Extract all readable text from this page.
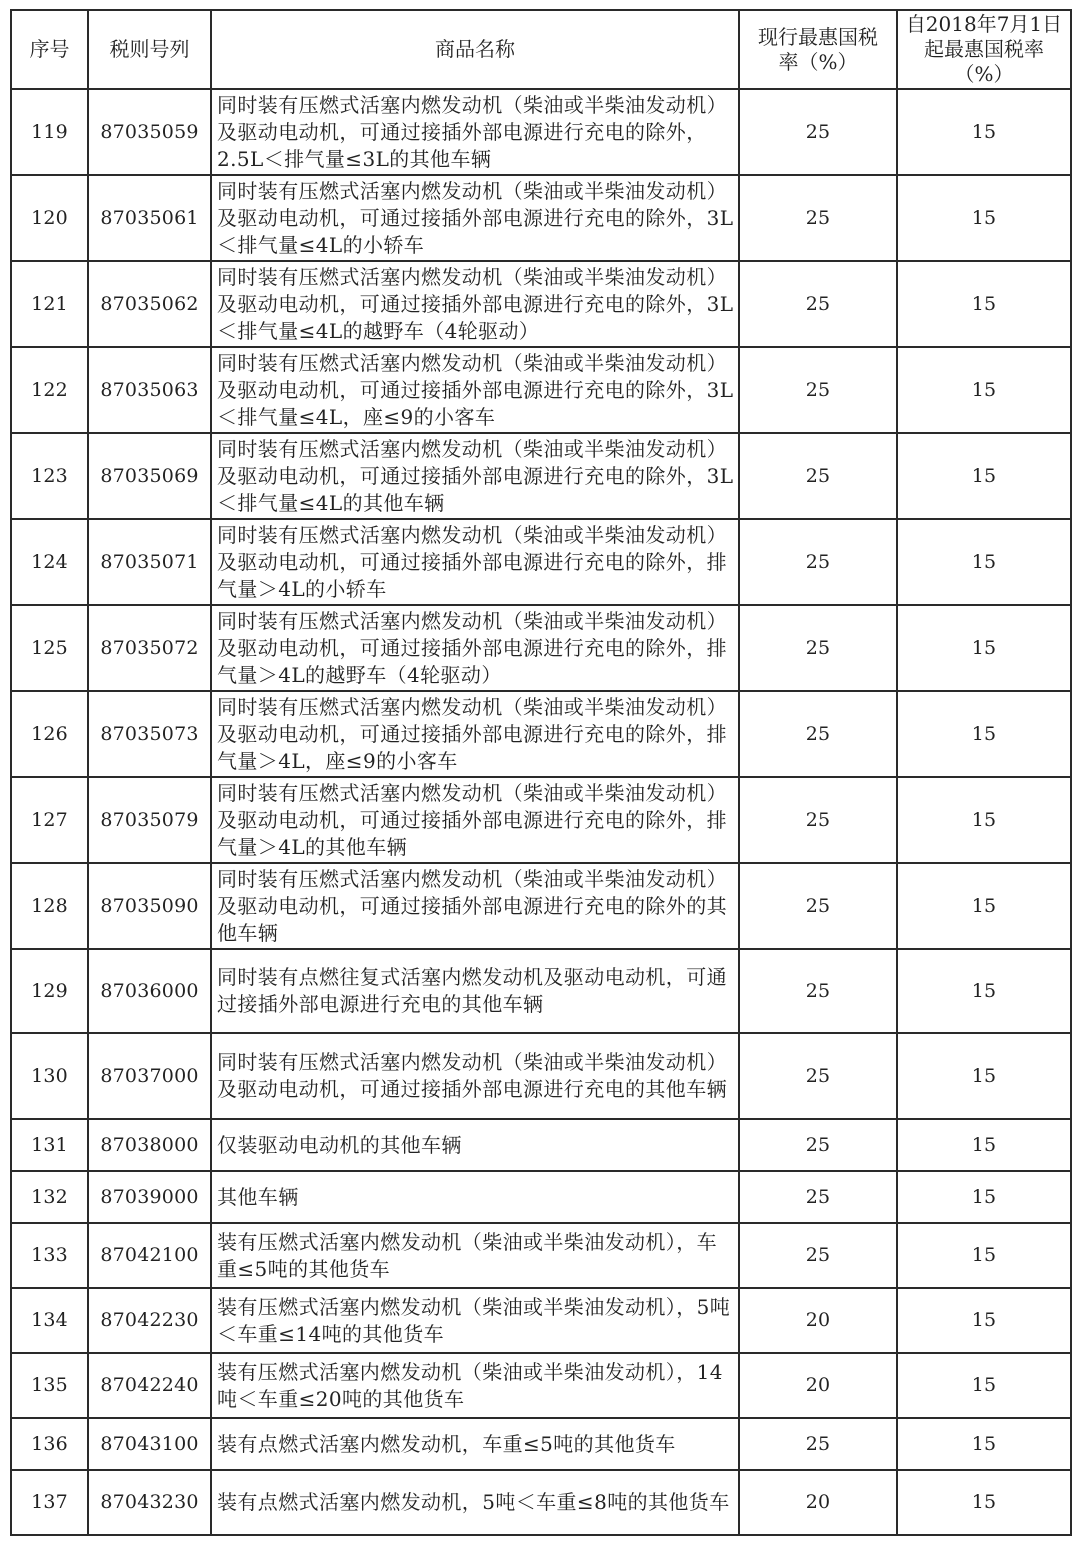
序号	税则号列	商品名称	现行最惠国税率（%）	自2018年7月1日起最惠国税率（%）
119	87035059	同时装有压燃式活塞内燃发动机（柴油或半柴油发动机）及驱动电动机，可通过接插外部电源进行充电的除外，2.5L＜排气量≤3L的其他车辆	25	15
120	87035061	同时装有压燃式活塞内燃发动机（柴油或半柴油发动机）及驱动电动机，可通过接插外部电源进行充电的除外，3L＜排气量≤4L的小轿车	25	15
121	87035062	同时装有压燃式活塞内燃发动机（柴油或半柴油发动机）及驱动电动机，可通过接插外部电源进行充电的除外，3L＜排气量≤4L的越野车（4轮驱动）	25	15
122	87035063	同时装有压燃式活塞内燃发动机（柴油或半柴油发动机）及驱动电动机，可通过接插外部电源进行充电的除外，3L＜排气量≤4L，座≤9的小客车	25	15
123	87035069	同时装有压燃式活塞内燃发动机（柴油或半柴油发动机）及驱动电动机，可通过接插外部电源进行充电的除外，3L＜排气量≤4L的其他车辆	25	15
124	87035071	同时装有压燃式活塞内燃发动机（柴油或半柴油发动机）及驱动电动机，可通过接插外部电源进行充电的除外，排气量＞4L的小轿车	25	15
125	87035072	同时装有压燃式活塞内燃发动机（柴油或半柴油发动机）及驱动电动机，可通过接插外部电源进行充电的除外，排气量＞4L的越野车（4轮驱动）	25	15
126	87035073	同时装有压燃式活塞内燃发动机（柴油或半柴油发动机）及驱动电动机，可通过接插外部电源进行充电的除外，排气量＞4L，座≤9的小客车	25	15
127	87035079	同时装有压燃式活塞内燃发动机（柴油或半柴油发动机）及驱动电动机，可通过接插外部电源进行充电的除外，排气量＞4L的其他车辆	25	15
128	87035090	同时装有压燃式活塞内燃发动机（柴油或半柴油发动机）及驱动电动机，可通过接插外部电源进行充电的除外的其他车辆	25	15
129	87036000	同时装有点燃往复式活塞内燃发动机及驱动电动机，可通过接插外部电源进行充电的其他车辆	25	15
130	87037000	同时装有压燃式活塞内燃发动机（柴油或半柴油发动机）及驱动电动机，可通过接插外部电源进行充电的其他车辆	25	15
131	87038000	仅装驱动电动机的其他车辆	25	15
132	87039000	其他车辆	25	15
133	87042100	装有压燃式活塞内燃发动机（柴油或半柴油发动机），车重≤5吨的其他货车	25	15
134	87042230	装有压燃式活塞内燃发动机（柴油或半柴油发动机），5吨＜车重≤14吨的其他货车	20	15
135	87042240	装有压燃式活塞内燃发动机（柴油或半柴油发动机），14吨＜车重≤20吨的其他货车	20	15
136	87043100	装有点燃式活塞内燃发动机，车重≤5吨的其他货车	25	15
137	87043230	装有点燃式活塞内燃发动机，5吨＜车重≤8吨的其他货车	20	15
